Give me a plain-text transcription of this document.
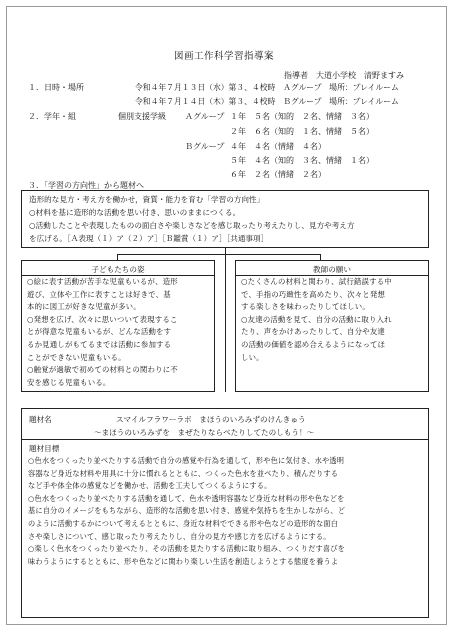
図画工作科学習指導案
指導者　大道小学校　清野ますみ
１．日時・場所	令和４年７月１３日（水）第３、４校時　Ａグループ　場所：プレイルーム
令和４年７月１４日（木）第３、４校時　Ｂグループ　場所：プレイルーム
２．学年・組	個別支援学級 Ａグループ １年　５名（知的　２名、情緒　３名）
２年　６名（知的　１名、情緒　５名）
Ｂグループ ４年　４名（情緒　４名）
５年　４名（知的　３名、情緒　１名）
６年　２名（情緒　２名）
３．「学習の方向性」から題材へ
造形的な見方・考え方を働かせ，資質・能力を育む「学習の方向性」
○材料を基に造形的な活動を思い付き、思いのままにつくる。
○活動したことや表現したものの面白さや楽しさなどを感じ取ったり考えたりし、見方や考え方
を広げる。［Ａ表現（１）ア（２）ア］［Ｂ鑑賞（１）ア］［共通事項］
子どもたちの姿
○絵に表す活動が苦手な児童もいるが、造形
遊び、立体や工作に表すことは好きで、基
本的に図工が好きな児童が多い。
○発想を広げ、次々に思いついて表現するこ
とが得意な児童もいるが、どんな活動をす
るか見通しがもてるまでは活動に参加する
ことができない児童もいる。
○触覚が過敏で初めての材料との関わりに不
安を感じる児童もいる。
教師の願い
○たくさんの材料と関わり、試行錯誤する中
で、手指の巧緻性を高めたり、次々と発想
する楽しさを味わったりしてほしい。
○友達の活動を見て、自分の活動に取り入れ
たり、声をかけあったりして、自分や友達
の活動の価値を認め合えるようになってほ
しい。
題材名	スマイルフラワーラボ　まほうのいろみずのけんきゅう
～まほうのいろみずを　まぜたりならべたりしてたのしもう！～
題材目標
○色水をつくったり並べたりする活動で自分の感覚や行為を通して，形や色に気付き、水や透明
容器など身近な材料や用具に十分に慣れるとともに、つくった色水を並べたり、積んだりする
など手や体全体の感覚などを働かせ、活動を工夫してつくるようにする。
○色水をつくったり並べたりする活動を通して、色水や透明容器など身近な材料の形や色などを
基に自分のイメージをもちながら、造形的な活動を思い付き、感覚や気持ちを生かしながら、ど
のように活動するかについて考えるとともに、身近な材料でできる形や色などの造形的な面白
さや楽しさについて、感じ取ったり考えたりし、自分の見方や感じ方を広げるようにする。
○楽しく色水をつくったり並べたり、その活動を見たりする活動に取り組み、つくりだす喜びを
味わうようにするとともに、形や色などに関わり楽しい生活を創造しようとする態度を養うよ
